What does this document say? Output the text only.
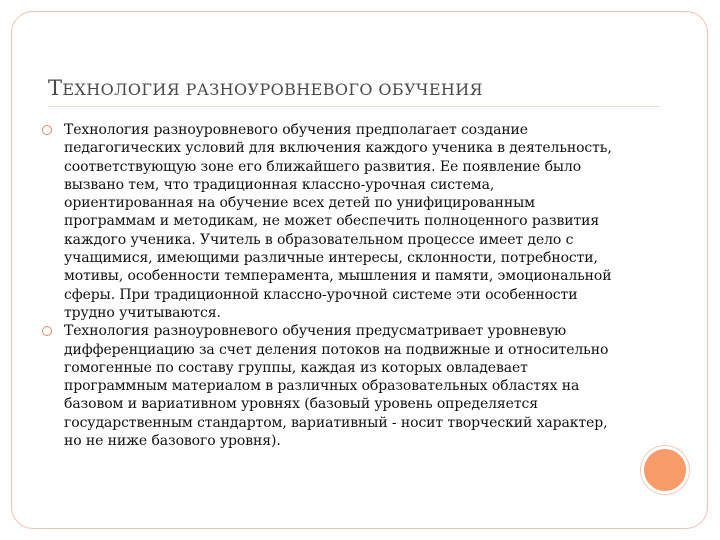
ТЕХНОЛОГИЯ РАЗНОУРОВНЕВОГО ОБУЧЕНИЯ
Технология разноуровневого обучения предполагает создание педагогических условий для включения каждого ученика в деятельность, соответствующую зоне его ближайшего развития. Ее появление было вызвано тем, что традиционная классно-урочная система, ориентированная на обучение всех детей по унифицированным программам и методикам, не может обеспечить полноценного развития каждого ученика. Учитель в образовательном процессе имеет дело с учащимися, имеющими различные интересы, склонности, потребности, мотивы, особенности темперамента, мышления и памяти, эмоциональной сферы. При традиционной классно-урочной системе эти особенности трудно учитываются.
Технология разноуровневого обучения предусматривает уровневую дифференциацию за счет деления потоков на подвижные и относительно гомогенные по составу группы, каждая из которых овладевает программным материалом в различных образовательных областях на базовом и вариативном уровнях (базовый уровень определяется государственным стандартом, вариативный - носит творческий характер, но не ниже базового уровня).
